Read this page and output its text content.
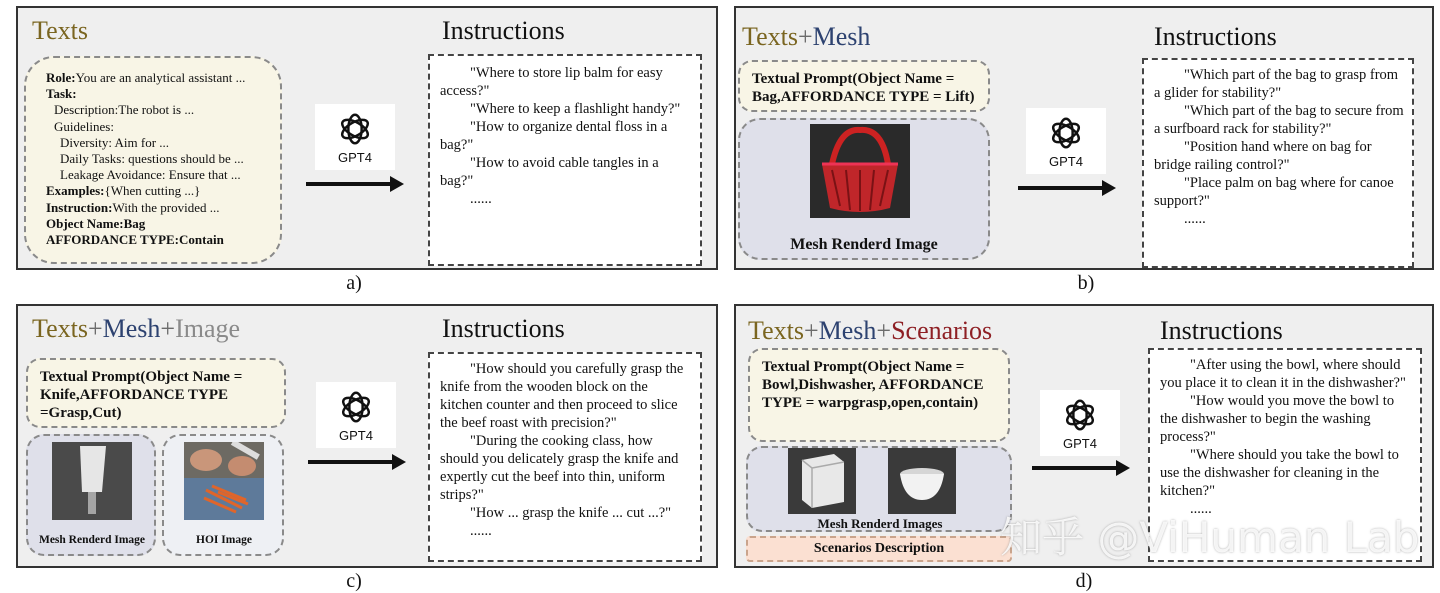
Texts
Role:You are an analytical assistant ...
Task:
Description:The robot is ...
Guidelines:
Diversity: Aim for ...
Daily Tasks: questions should be ...
Leakage Avoidance: Ensure that ...
Examples:{When cutting ...}
Instruction:With the provided ...
Object Name:Bag
AFFORDANCE TYPE:Contain
GPT4
Instructions
"Where to store lip balm for easy access?"
"Where to keep a flashlight handy?"
"How to organize dental floss in a bag?"
"How to avoid cable tangles in a bag?"
......
a)
Texts+Mesh
Textual Prompt(Object Name = Bag,AFFORDANCE TYPE = Lift)
Mesh Renderd Image
GPT4
Instructions
"Which part of the bag to grasp from a glider for stability?"
"Which part of the bag to secure from a surfboard rack for stability?"
"Position hand where on bag for bridge railing control?"
"Place palm on bag where for canoe support?"
......
b)
Texts+Mesh+Image
Textual Prompt(Object Name = Knife,AFFORDANCE TYPE =Grasp,Cut)
Mesh Renderd Image	HOI Image
GPT4
Instructions
"How should you carefully grasp the knife from the wooden block on the kitchen counter and then proceed to slice the beef roast with precision?"
"During the cooking class, how should you delicately grasp the knife and expertly cut the beef into thin, uniform strips?"
"How ... grasp the knife ... cut ...?"
......
c)
Texts+Mesh+Scenarios
Textual Prompt(Object Name = Bowl,Dishwasher, AFFORDANCE TYPE = warpgrasp,open,contain)
Mesh Renderd Images
Scenarios Description
GPT4
Instructions
"After using the bowl, where should you place it to clean it in the dishwasher?"
"How would you move the bowl to the dishwasher to begin the washing process?"
"Where should you take the bowl to use the dishwasher for cleaning in the kitchen?"
......
d)
知乎 @ViHuman Lab
